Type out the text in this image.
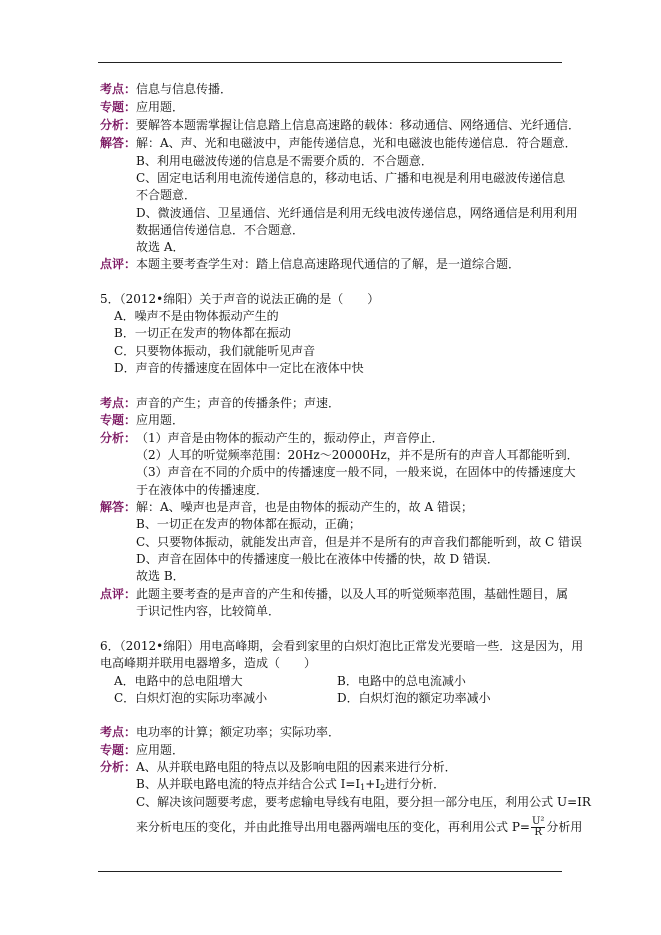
考点： 信息与信息传播．
专题： 应用题．
分析： 要解答本题需掌握让信息踏上信息高速路的载体：移动通信、网络通信、光纤通信．
解答： 解：A、声、光和电磁波中，声能传递信息，光和电磁波也能传递信息．符合题意．
B、利用电磁波传递的信息是不需要介质的．不合题意．
C、固定电话利用电流传递信息的，移动电话、广播和电视是利用电磁波传递信息
不合题意．
D、微波通信、卫星通信、光纤通信是利用无线电波传递信息，网络通信是利用利用
数据通信传递信息．不合题意．
故选 A．
点评： 本题主要考查学生对：踏上信息高速路现代通信的了解，是一道综合题．
5．（2012•绵阳）关于声音的说法正确的是（　　）
A．噪声不是由物体振动产生的
B．一切正在发声的物体都在振动
C．只要物体振动，我们就能听见声音
D．声音的传播速度在固体中一定比在液体中快
考点： 声音的产生；声音的传播条件；声速．
专题： 应用题．
分析： （1）声音是由物体的振动产生的，振动停止，声音停止．
（2）人耳的听觉频率范围：20Hz～20000Hz，并不是所有的声音人耳都能听到．
（3）声音在不同的介质中的传播速度一般不同，一般来说，在固体中的传播速度大
于在液体中的传播速度．
解答： 解：A、噪声也是声音，也是由物体的振动产生的，故 A 错误；
B、一切正在发声的物体都在振动，正确；
C、只要物体振动，就能发出声音，但是并不是所有的声音我们都能听到，故 C 错误
D、声音在固体中的传播速度一般比在液体中传播的快，故 D 错误．
故选 B．
点评： 此题主要考查的是声音的产生和传播，以及人耳的听觉频率范围，基础性题目，属
于识记性内容，比较简单．
6．（2012•绵阳）用电高峰期，会看到家里的白炽灯泡比正常发光要暗一些．这是因为，用
电高峰期并联用电器增多，造成（　　）
A．电路中的总电阻增大	B．电路中的总电流减小
C．白炽灯泡的实际功率减小	D．白炽灯泡的额定功率减小
考点： 电功率的计算；额定功率；实际功率．
专题： 应用题．
分析： A、从并联电路电阻的特点以及影响电阻的因素来进行分析．
B、从并联电路电流的特点并结合公式 $I=I_1+I_2$进行分析．
C、解决该问题要考虑，要考虑输电导线有电阻，要分担一部分电压，利用公式 U=IR
来分析电压的变化，并由此推导出用电器两端电压的变化，再利用公式 $P= \frac{\text{U²}}{R}$ 分析用
